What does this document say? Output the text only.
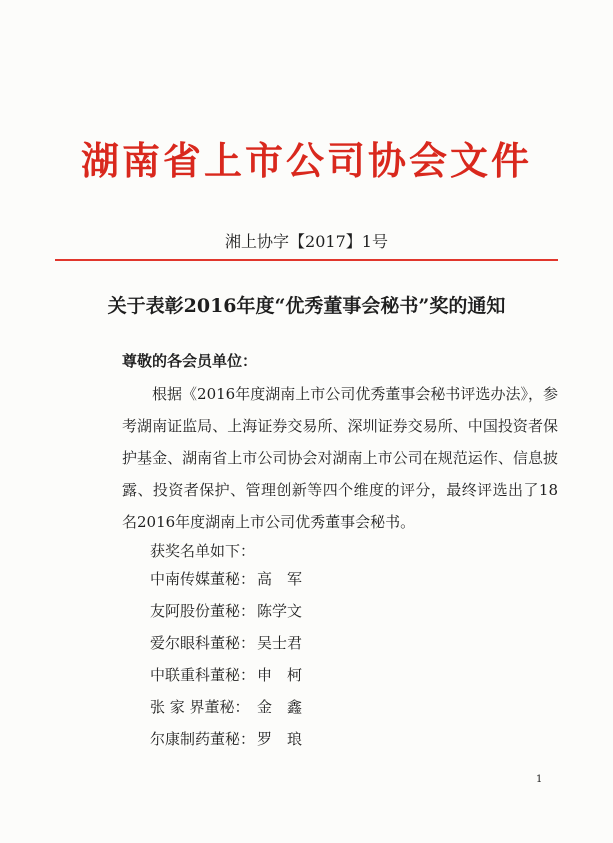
湖南省上市公司协会文件
湘上协字【2017】1号
关于表彰2016年度“优秀董事会秘书”奖的通知
尊敬的各会员单位：
根据《2016年度湖南上市公司优秀董事会秘书评选办法》，参考湖南证监局、上海证券交易所、深圳证券交易所、中国投资者保护基金、湖南省上市公司协会对湖南上市公司在规范运作、信息披露、投资者保护、管理创新等四个维度的评分，最终评选出了18名2016年度湖南上市公司优秀董事会秘书。
获奖名单如下：
中南传媒董秘： 高　军
友阿股份董秘： 陈学文
爱尔眼科董秘： 吴士君
中联重科董秘： 申　柯
张 家 界董秘： 金　鑫
尔康制药董秘： 罗　琅
1
